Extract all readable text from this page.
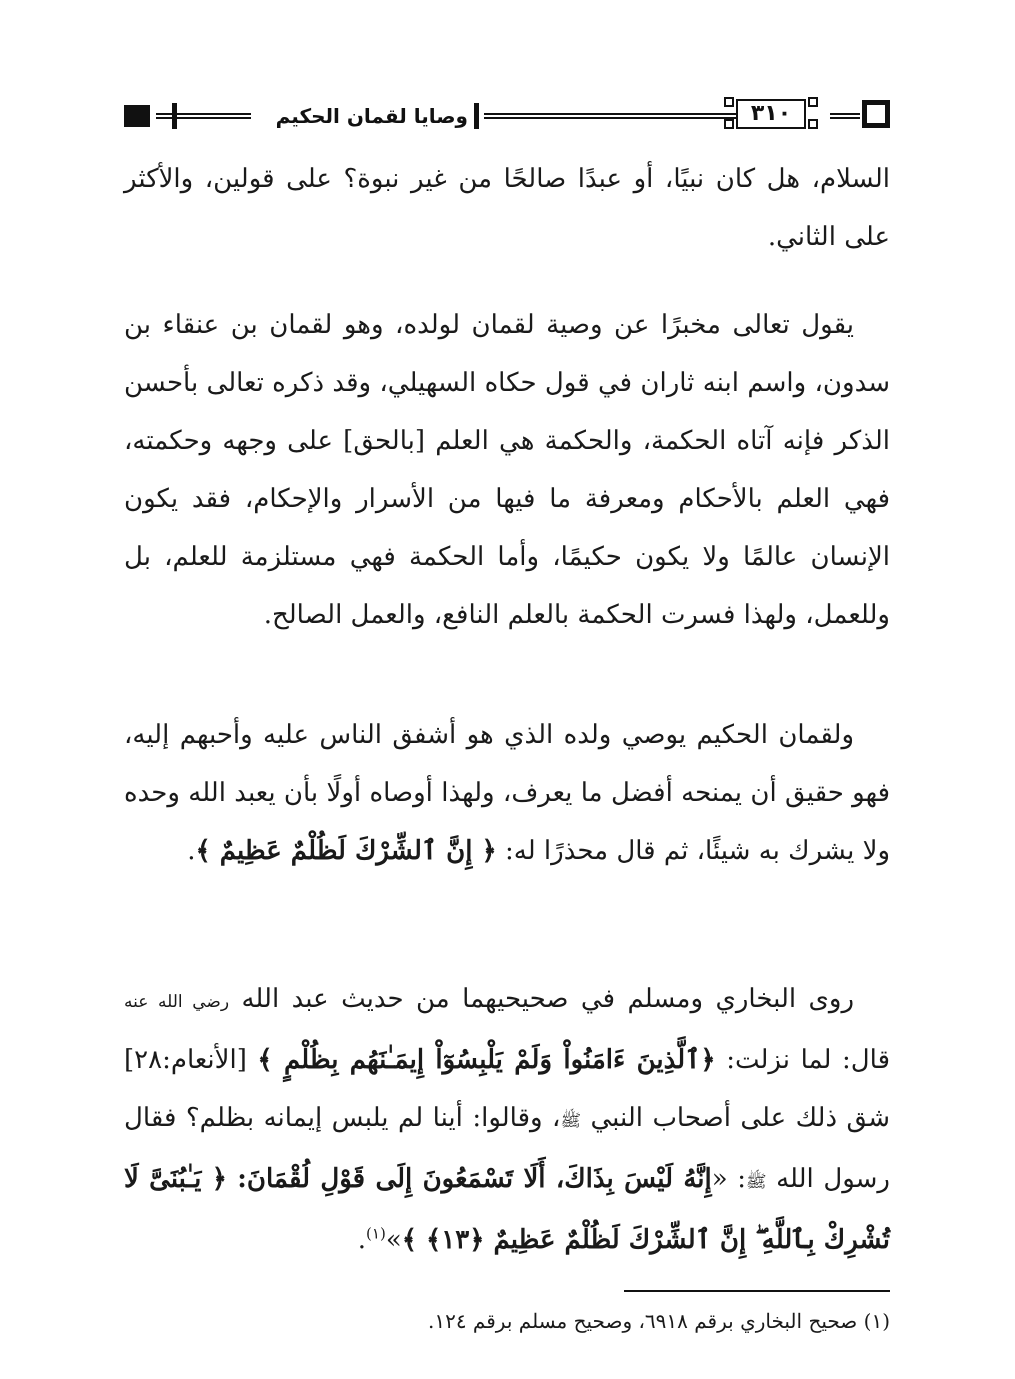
وصايا لقمان الحكيم	٣١٠

السلام، هل كان نبيًا، أو عبدًا صالحًا من غير نبوة؟ على قولين، والأكثر على الثاني.

يقول تعالى مخبرًا عن وصية لقمان لولده، وهو لقمان بن عنقاء بن سدون، واسم ابنه ثاران في قول حكاه السهيلي، وقد ذكره تعالى بأحسن الذكر فإنه آتاه الحكمة، والحكمة هي العلم [بالحق] على وجهه وحكمته، فهي العلم بالأحكام ومعرفة ما فيها من الأسرار والإحكام، فقد يكون الإنسان عالمًا ولا يكون حكيمًا، وأما الحكمة فهي مستلزمة للعلم، بل وللعمل، ولهذا فسرت الحكمة بالعلم النافع، والعمل الصالح.

ولقمان الحكيم يوصي ولده الذي هو أشفق الناس عليه وأحبهم إليه، فهو حقيق أن يمنحه أفضل ما يعرف، ولهذا أوصاه أولًا بأن يعبد الله وحده ولا يشرك به شيئًا، ثم قال محذرًا له: ﴿ إِنَّ ٱلشِّرْكَ لَظُلْمٌ عَظِيمٌ ﴾.

روى البخاري ومسلم في صحيحيهما من حديث عبد الله رضي الله عنه قال: لما نزلت: ﴿ٱلَّذِينَ ءَامَنُواْ وَلَمْ يَلْبِسُوٓاْ إِيمَـٰنَهُم بِظُلْمٍ ﴾ [الأنعام:٢٨] شق ذلك على أصحاب النبي ﷺ، وقالوا: أينا لم يلبس إيمانه بظلم؟ فقال رسول الله ﷺ: «إِنَّهُ لَيْسَ بِذَاكَ، أَلَا تَسْمَعُونَ إِلَى قَوْلِ لُقْمَانَ: ﴿ يَـٰبُنَىَّ لَا تُشْرِكْ بِٱللَّهِ ۖ إِنَّ ٱلشِّرْكَ لَظُلْمٌ عَظِيمٌ ﴿١٣﴾ ﴾»$^{(١)}$.

(١) صحيح البخاري برقم ٦٩١٨، وصحيح مسلم برقم ١٢٤.
